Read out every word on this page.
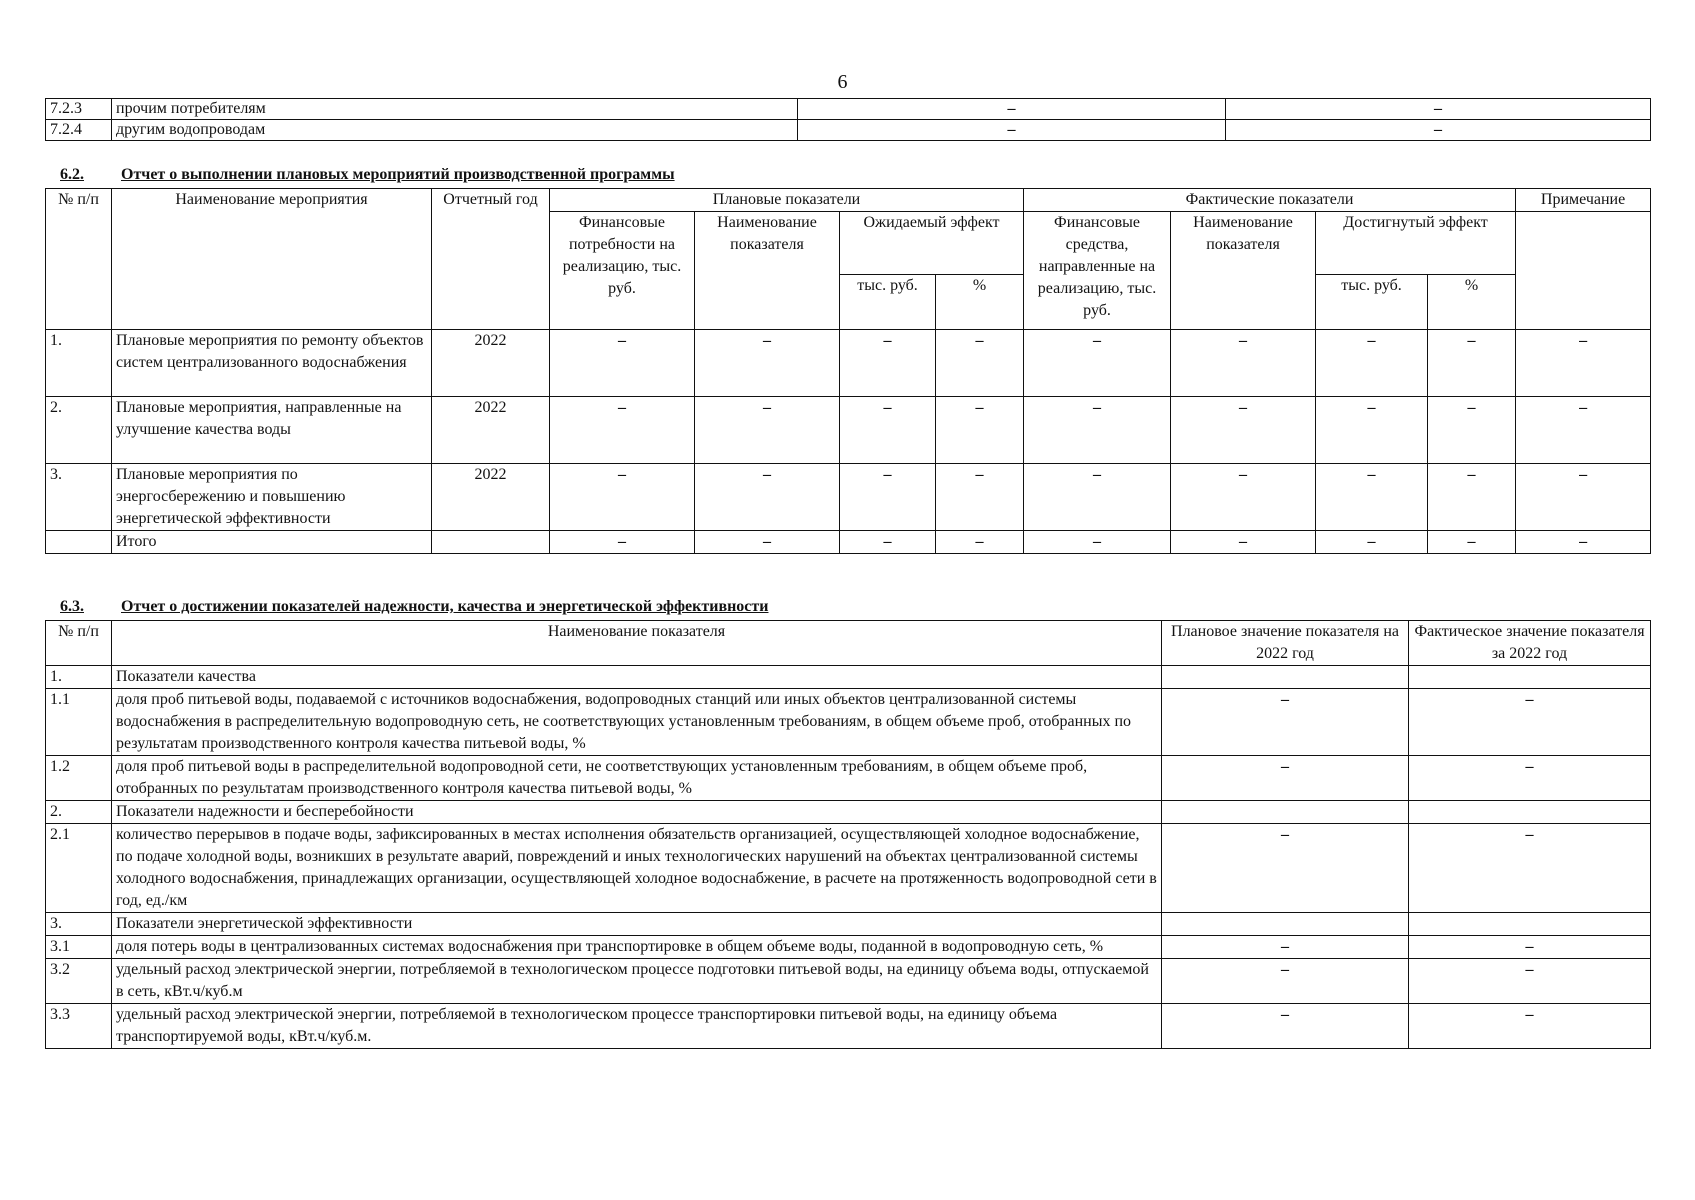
6
7.2.3	прочим потребителям	–	–
7.2.4	другим водопроводам	–	–
6.2. Отчет о выполнении плановых мероприятий производственной программы
№ п/п	Наименование мероприятия	Отчетный год	Плановые показатели				Фактические показатели				Примечание
			Финансовые потребности на реализацию, тыс. руб.	Наименование показателя	Ожидаемый эффект		Финансовые средства, направленные на реализацию, тыс. руб.	Наименование показателя	Достигнутый эффект		
					тыс. руб.	%			тыс. руб.	%	
1.	Плановые мероприятия по ремонту объектов систем централизованного водоснабжения	2022	–	–	–	–	–	–	–	–	–
2.	Плановые мероприятия, направленные на улучшение качества воды	2022	–	–	–	–	–	–	–	–	–
3.	Плановые мероприятия по энергосбережению и повышению энергетической эффективности	2022	–	–	–	–	–	–	–	–	–
	Итого		–	–	–	–	–	–	–	–	–
6.3. Отчет о достижении показателей надежности, качества и энергетической эффективности
№ п/п	Наименование показателя	Плановое значение показателя на 2022 год	Фактическое значение показателя за 2022 год
1.	Показатели качества		
1.1	доля проб питьевой воды, подаваемой с источников водоснабжения, водопроводных станций или иных объектов централизованной системы водоснабжения в распределительную водопроводную сеть, не соответствующих установленным требованиям, в общем объеме проб, отобранных по результатам производственного контроля качества питьевой воды, %	–	–
1.2	доля проб питьевой воды в распределительной водопроводной сети, не соответствующих установленным требованиям, в общем объеме проб, отобранных по результатам производственного контроля качества питьевой воды, %	–	–
2.	Показатели надежности и бесперебойности		
2.1	количество перерывов в подаче воды, зафиксированных в местах исполнения обязательств организацией, осуществляющей холодное водоснабжение, по подаче холодной воды, возникших в результате аварий, повреждений и иных технологических нарушений на объектах централизованной системы холодного водоснабжения, принадлежащих организации, осуществляющей холодное водоснабжение, в расчете на протяженность водопроводной сети в год, ед./км	–	–
3.	Показатели энергетической эффективности		
3.1	доля потерь воды в централизованных системах водоснабжения при транспортировке в общем объеме воды, поданной в водопроводную сеть, %	–	–
3.2	удельный расход электрической энергии, потребляемой в технологическом процессе подготовки питьевой воды, на единицу объема воды, отпускаемой в сеть, кВт.ч/куб.м	–	–
3.3	удельный расход электрической энергии, потребляемой в технологическом процессе транспортировки питьевой воды, на единицу объема транспортируемой воды, кВт.ч/куб.м.	–	–
